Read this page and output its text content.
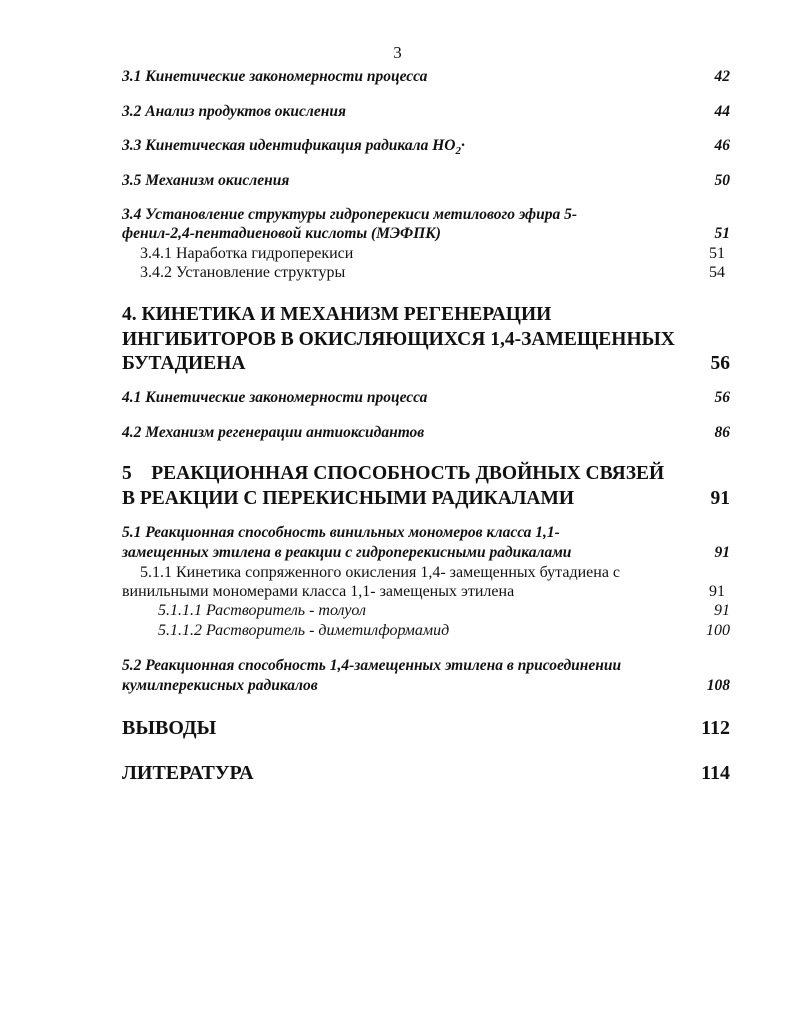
3
3.1 Кинетические закономерности процесса	42
3.2 Анализ продуктов окисления	44
3.3 Кинетическая идентификация радикала $HO_2\cdot$	46
3.5 Механизм окисления	50
3.4 Установление структуры гидроперекиси метилового эфира 5-
фенил-2,4-пентадиеновой кислоты (МЭФПК)	51
3.4.1 Наработка гидроперекиси	51
3.4.2 Установление структуры	54
4. КИНЕТИКА И МЕХАНИЗМ РЕГЕНЕРАЦИИ
ИНГИБИТОРОВ В ОКИСЛЯЮЩИХСЯ 1,4-ЗАМЕЩЕННЫХ
БУТАДИЕНА	56
4.1 Кинетические закономерности процесса	56
4.2 Механизм регенерации антиоксидантов	86
5    РЕАКЦИОННАЯ СПОСОБНОСТЬ ДВОЙНЫХ СВЯЗЕЙ
В РЕАКЦИИ С ПЕРЕКИСНЫМИ РАДИКАЛАМИ	91
5.1 Реакционная способность винильных мономеров класса 1,1-
замещенных этилена в реакции с гидроперекисными радикалами	91
5.1.1 Кинетика сопряженного окисления 1,4- замещенных бутадиена с
винильными мономерами класса 1,1- замещеных этилена	91
5.1.1.1 Растворитель - толуол	91
5.1.1.2 Растворитель - диметилформамид	100
5.2 Реакционная способность 1,4-замещенных этилена в присоединении
кумилперекисных радикалов	108
ВЫВОДЫ	112
ЛИТЕРАТУРА	114
